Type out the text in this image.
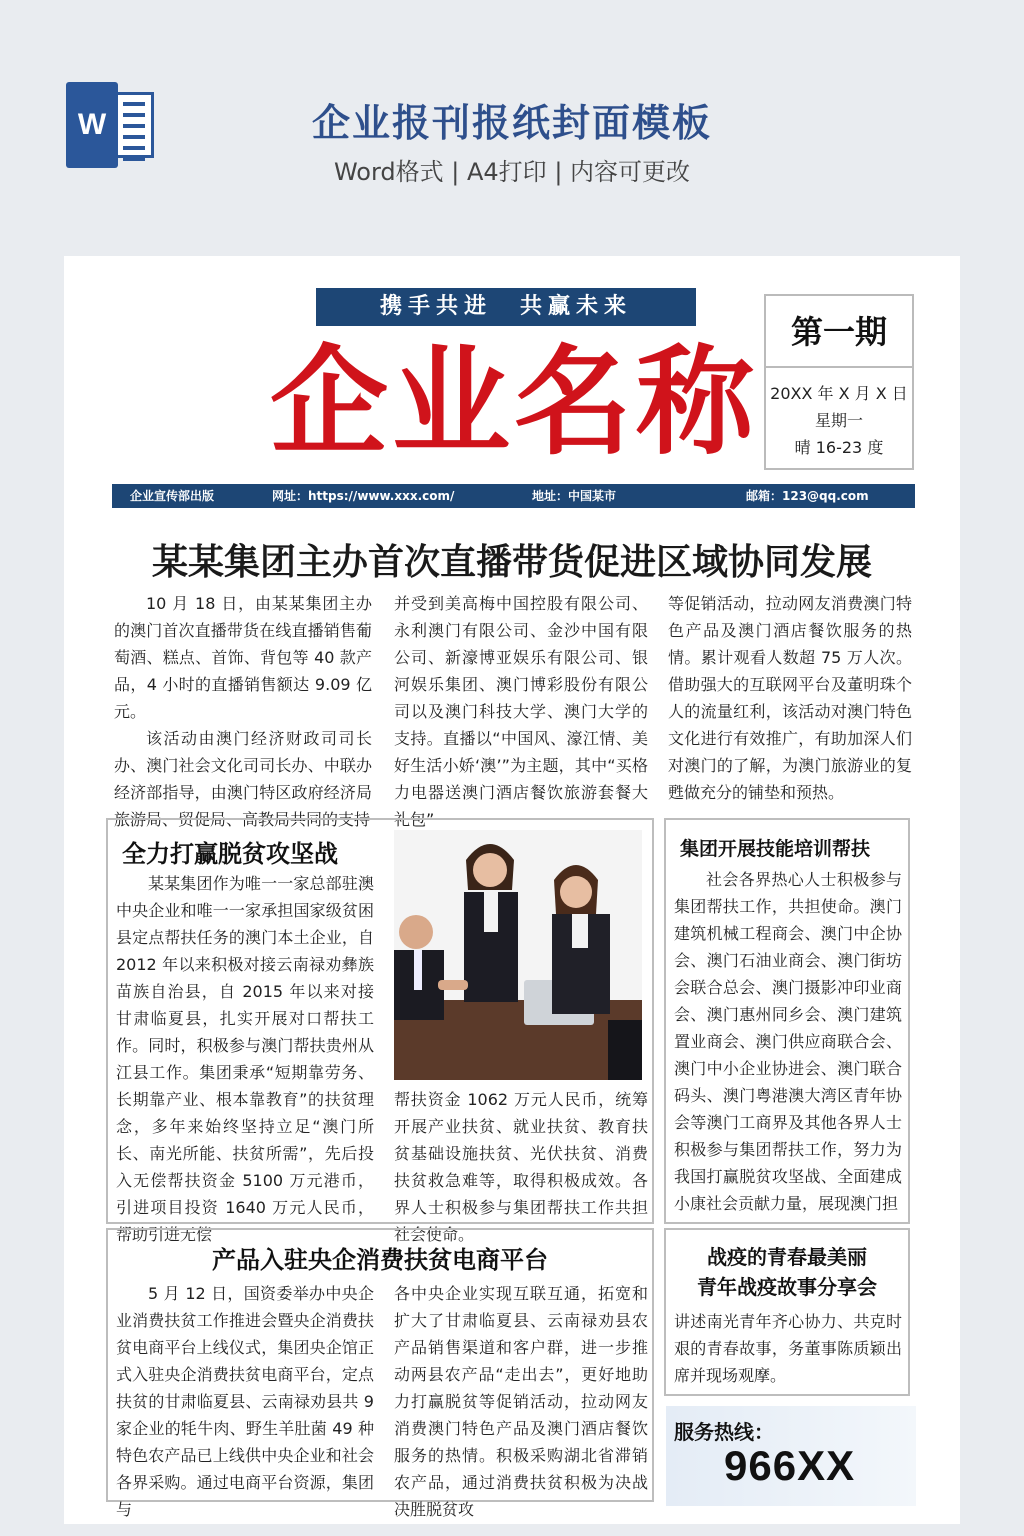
W	企业报刊报纸封面模板
Word格式 | A4打印 | 内容可更改
携手共进　共赢未来
企业名称
第一期
20XX 年 X 月 X 日
星期一
晴 16-23 度
企业宣传部出版	网址：https://www.xxx.com/	地址：中国某市	邮箱：123@qq.com
某某集团主办首次直播带货促进区域协同发展

10 月 18 日，由某某集团主办的澳门首次直播带货在线直播销售葡萄酒、糕点、首饰、背包等 40 款产品，4 小时的直播销售额达 9.09 亿元。

该活动由澳门经济财政司司长办、澳门社会文化司司长办、中联办经济部指导，由澳门特区政府经济局旅游局、贸促局、高教局共同的支持

并受到美高梅中国控股有限公司、永利澳门有限公司、金沙中国有限公司、新濠博亚娱乐有限公司、银河娱乐集团、澳门博彩股份有限公司以及澳门科技大学、澳门大学的支持。直播以“中国风、濠江情、美好生活小娇‘澳’”为主题，其中“买格力电器送澳门酒店餐饮旅游套餐大礼包”
等促销活动，拉动网友消费澳门特色产品及澳门酒店餐饮服务的热情。累计观看人数超 75 万人次。借助强大的互联网平台及董明珠个人的流量红利，该活动对澳门特色文化进行有效推广，有助加深人们对澳门的了解，为澳门旅游业的复甦做充分的铺垫和预热。
全力打赢脱贫攻坚战

某某集团作为唯一一家总部驻澳中央企业和唯一一家承担国家级贫困县定点帮扶任务的澳门本土企业，自 2012 年以来积极对接云南禄劝彝族苗族自治县，自 2015 年以来对接甘肃临夏县，扎实开展对口帮扶工作。同时，积极参与澳门帮扶贵州从江县工作。集团秉承“短期靠劳务、长期靠产业、根本靠教育”的扶贫理念，多年来始终坚持立足“澳门所长、南光所能、扶贫所需”，先后投入无偿帮扶资金 5100 万元港币，引进项目投资 1640 万元人民币，帮助引进无偿

帮扶资金 1062 万元人民币，统筹开展产业扶贫、就业扶贫、教育扶贫基础设施扶贫、光伏扶贫、消费扶贫救急难等，取得积极成效。各界人士积极参与集团帮扶工作共担社会使命。
集团开展技能培训帮扶

社会各界热心人士积极参与集团帮扶工作，共担使命。澳门建筑机械工程商会、澳门中企协会、澳门石油业商会、澳门街坊会联合总会、澳门摄影冲印业商会、澳门惠州同乡会、澳门建筑置业商会、澳门供应商联合会、澳门中小企业协进会、澳门联合码头、澳门粤港澳大湾区青年协会等澳门工商界及其他各界人士积极参与集团帮扶工作，努力为我国打赢脱贫攻坚战、全面建成小康社会贡献力量，展现澳门担

产品入驻央企消费扶贫电商平台

5 月 12 日，国资委举办中央企业消费扶贫工作推进会暨央企消费扶贫电商平台上线仪式，集团央企馆正式入驻央企消费扶贫电商平台，定点扶贫的甘肃临夏县、云南禄劝县共 9 家企业的牦牛肉、野生羊肚菌 49 种特色农产品已上线供中央企业和社会各界采购。通过电商平台资源，集团与

各中央企业实现互联互通，拓宽和扩大了甘肃临夏县、云南禄劝县农产品销售渠道和客户群，进一步推动两县农产品“走出去”，更好地助力打赢脱贫等促销活动，拉动网友消费澳门特色产品及澳门酒店餐饮服务的热情。积极采购湖北省滞销农产品，通过消费扶贫积极为决战决胜脱贫攻
战疫的青春最美丽
青年战疫故事分享会
讲述南光青年齐心协力、共克时艰的青春故事，务董事陈质颖出席并现场观摩。
服务热线：
966XX
